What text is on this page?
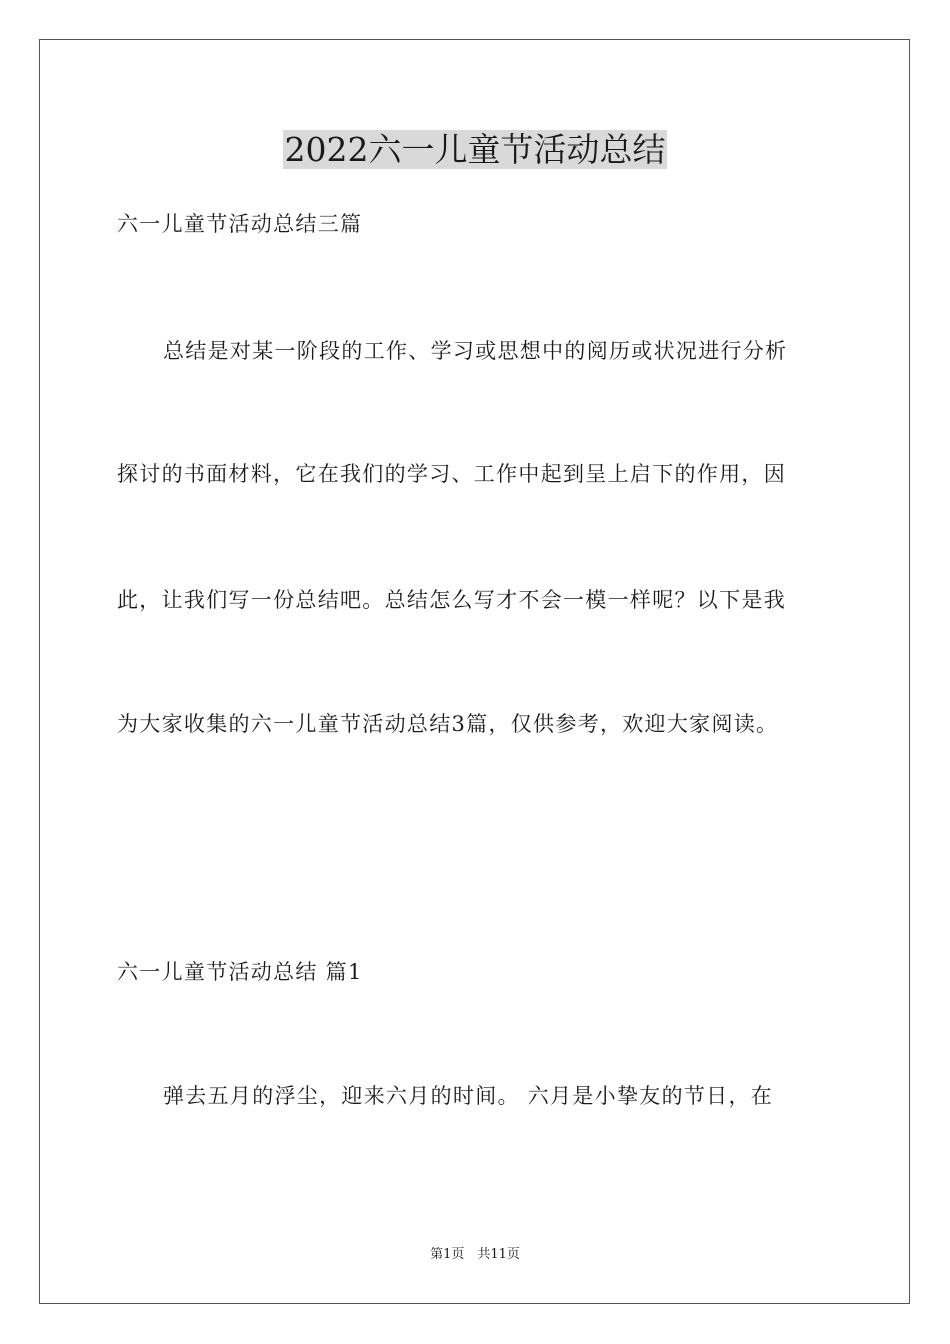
2022六一儿童节活动总结
六一儿童节活动总结三篇
总结是对某一阶段的工作、学习或思想中的阅历或状况进行分析
探讨的书面材料，它在我们的学习、工作中起到呈上启下的作用，因
此，让我们写一份总结吧。总结怎么写才不会一模一样呢？以下是我
为大家收集的六一儿童节活动总结3篇，仅供参考，欢迎大家阅读。
六一儿童节活动总结 篇1
弹去五月的浮尘，迎来六月的时间。 六月是小挚友的节日，在
第1页　共11页
